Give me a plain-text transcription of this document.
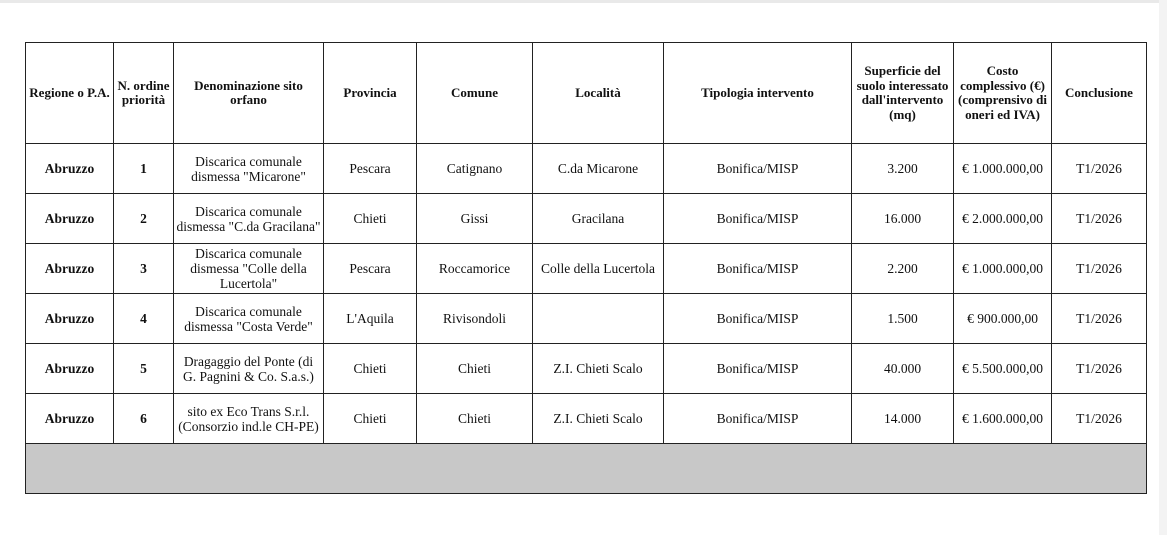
Regione o P.A.	N. ordine priorità	Denominazione sito orfano	Provincia	Comune	Località	Tipologia intervento	Superficie del suolo interessato dall'intervento (mq)	Costo complessivo (€) (comprensivo di oneri ed IVA)	Conclusione
Abruzzo	1	Discarica comunale dismessa "Micarone"	Pescara	Catignano	C.da Micarone	Bonifica/MISP	3.200	€ 1.000.000,00	T1/2026
Abruzzo	2	Discarica comunale dismessa "C.da Gracilana"	Chieti	Gissi	Gracilana	Bonifica/MISP	16.000	€ 2.000.000,00	T1/2026
Abruzzo	3	Discarica comunale dismessa "Colle della Lucertola"	Pescara	Roccamorice	Colle della Lucertola	Bonifica/MISP	2.200	€ 1.000.000,00	T1/2026
Abruzzo	4	Discarica comunale dismessa "Costa Verde"	L'Aquila	Rivisondoli		Bonifica/MISP	1.500	€ 900.000,00	T1/2026
Abruzzo	5	Dragaggio del Ponte (di G. Pagnini & Co. S.a.s.)	Chieti	Chieti	Z.I. Chieti Scalo	Bonifica/MISP	40.000	€ 5.500.000,00	T1/2026
Abruzzo	6	sito ex Eco Trans S.r.l. (Consorzio ind.le CH-PE)	Chieti	Chieti	Z.I. Chieti Scalo	Bonifica/MISP	14.000	€ 1.600.000,00	T1/2026
